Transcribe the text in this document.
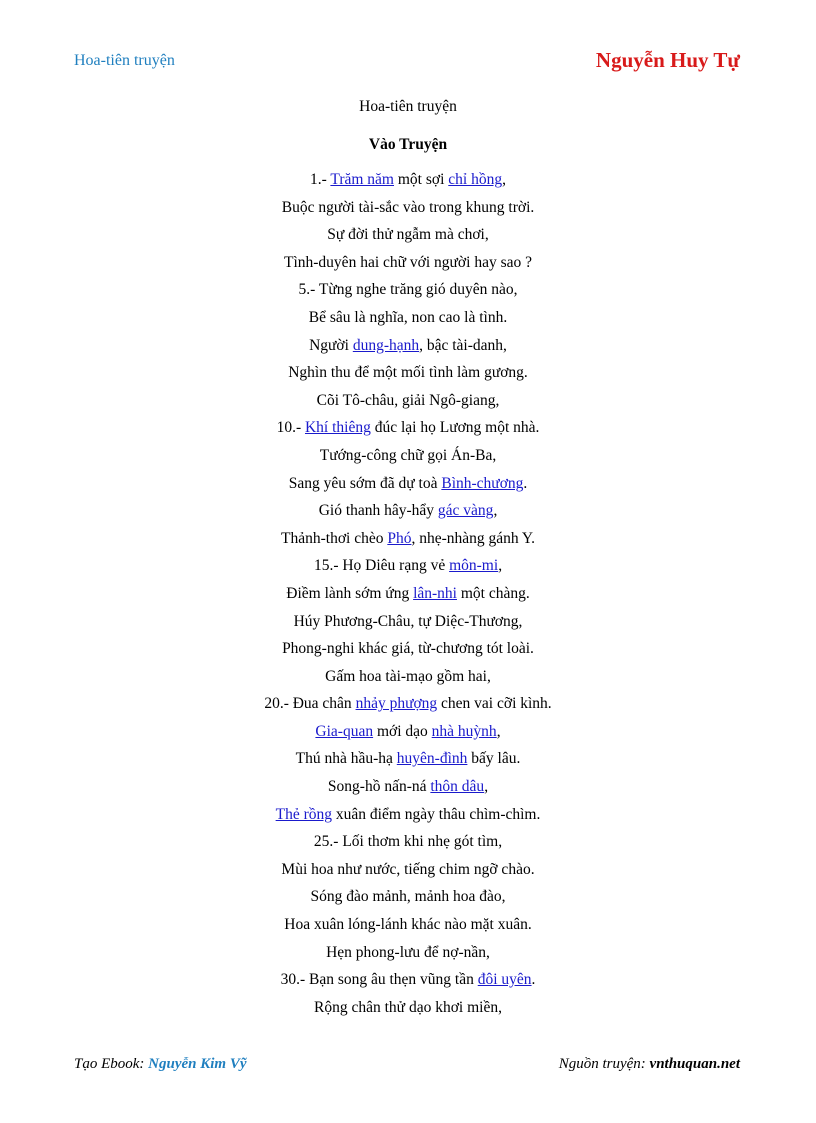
Hoa-tiên truyện	Nguyễn Huy Tự
Hoa-tiên truyện
Vào Truyện
1.- Trăm năm một sợi chỉ hồng,
Buộc người tài-sắc vào trong khung trời.
Sự đời thử ngẫm mà chơi,
Tình-duyên hai chữ với người hay sao ?
5.- Từng nghe trăng gió duyên nào,
Bể sâu là nghĩa, non cao là tình.
Người dung-hạnh, bậc tài-danh,
Nghìn thu để một mối tình làm gương.
Cõi Tô-châu, giải Ngô-giang,
10.- Khí thiêng đúc lại họ Lương một nhà.
Tướng-công chữ gọi Án-Ba,
Sang yêu sớm đã dự toà Bình-chương.
Gió thanh hây-hẩy gác vàng,
Thảnh-thơi chèo Phó, nhẹ-nhàng gánh Y.
15.- Họ Diêu rạng vẻ môn-mi,
Điềm lành sớm ứng lân-nhi một chàng.
Húy Phương-Châu, tự Diệc-Thương,
Phong-nghi khác giá, từ-chương tót loài.
Gấm hoa tài-mạo gồm hai,
20.- Đua chân nhảy phượng chen vai cỡi kình.
Gia-quan mới dạo nhà huỳnh,
Thú nhà hầu-hạ huyên-đình bấy lâu.
Song-hồ nấn-ná thôn dâu,
Thẻ rồng xuân điểm ngày thâu chìm-chìm.
25.- Lối thơm khi nhẹ gót tìm,
Mùi hoa như nước, tiếng chim ngỡ chào.
Sóng đào mảnh, mảnh hoa đào,
Hoa xuân lóng-lánh khác nào mặt xuân.
Hẹn phong-lưu để nợ-nần,
30.- Bạn song âu thẹn vũng tần đôi uyên.
Rộng chân thử dạo khơi miền,
Tạo Ebook: Nguyễn Kim Vỹ	Nguồn truyện: vnthuquan.net
